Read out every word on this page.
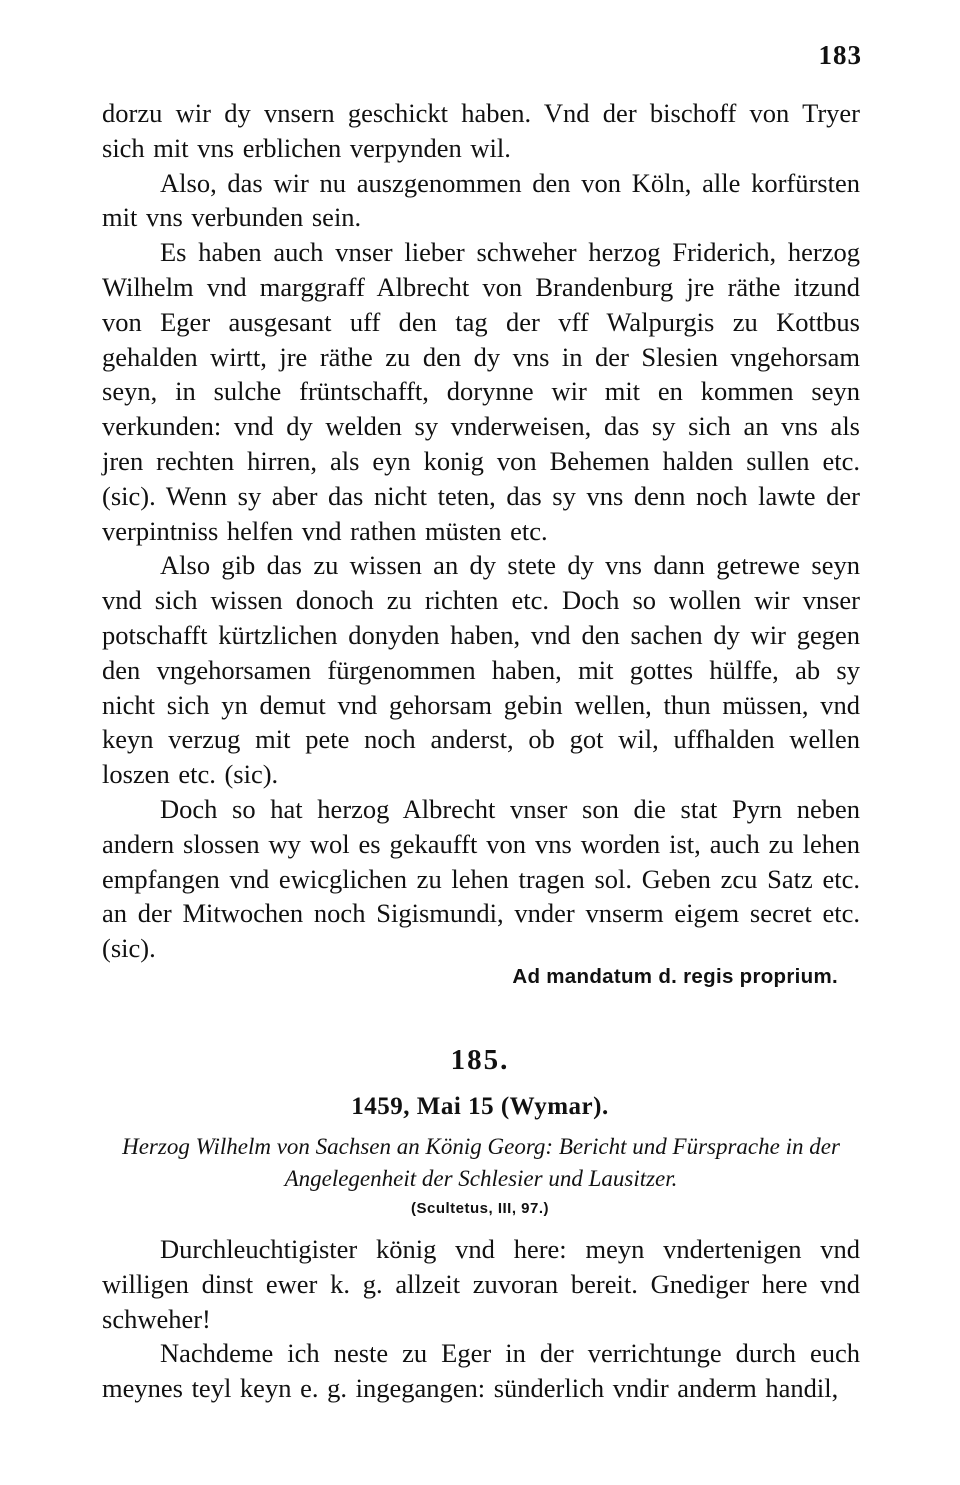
183

dorzu wir dy vnsern geschickt haben. Vnd der bischoff von Tryer sich mit vns erblichen verpynden wil.

Also, das wir nu auszgenommen den von Köln, alle korfürsten mit vns verbunden sein.

Es haben auch vnser lieber schweher herzog Friderich, herzog Wilhelm vnd marggraff Albrecht von Brandenburg jre räthe itzund von Eger ausgesant uff den tag der vff Walpurgis zu Kottbus gehalden wirtt, jre räthe zu den dy vns in der Slesien vngehorsam seyn, in sulche früntschafft, dorynne wir mit en kommen seyn verkunden: vnd dy welden sy vnderweisen, das sy sich an vns als jren rechten hirren, als eyn konig von Behemen halden sullen etc. (sic). Wenn sy aber das nicht teten, das sy vns denn noch lawte der verpintniss helfen vnd rathen müsten etc.

Also gib das zu wissen an dy stete dy vns dann getrewe seyn vnd sich wissen donoch zu richten etc. Doch so wollen wir vnser potschafft kürtzlichen donyden haben, vnd den sachen dy wir gegen den vngehorsamen fürgenommen haben, mit gottes hülffe, ab sy nicht sich yn demut vnd gehorsam gebin wellen, thun müssen, vnd keyn verzug mit pete noch anderst, ob got wil, uffhalden wellen loszen etc. (sic).

Doch so hat herzog Albrecht vnser son die stat Pyrn neben andern slossen wy wol es gekaufft von vns worden ist, auch zu lehen empfangen vnd ewicglichen zu lehen tragen sol. Geben zcu Satz etc. an der Mitwochen noch Sigismundi, vnder vnserm eigem secret etc. (sic).

Ad mandatum d. regis proprium.
185.
1459, Mai 15 (Wymar).
Herzog Wilhelm von Sachsen an König Georg: Bericht und Fürsprache in der Angelegenheit der Schlesier und Lausitzer.
(Scultetus, III, 97.)

Durchleuchtigister könig vnd here: meyn vndertenigen vnd willigen dinst ewer k. g. allzeit zuvoran bereit. Gnediger here vnd schweher!

Nachdeme ich neste zu Eger in der verrichtunge durch euch meynes teyl keyn e. g. ingegangen: sünderlich vndir anderm handil,
